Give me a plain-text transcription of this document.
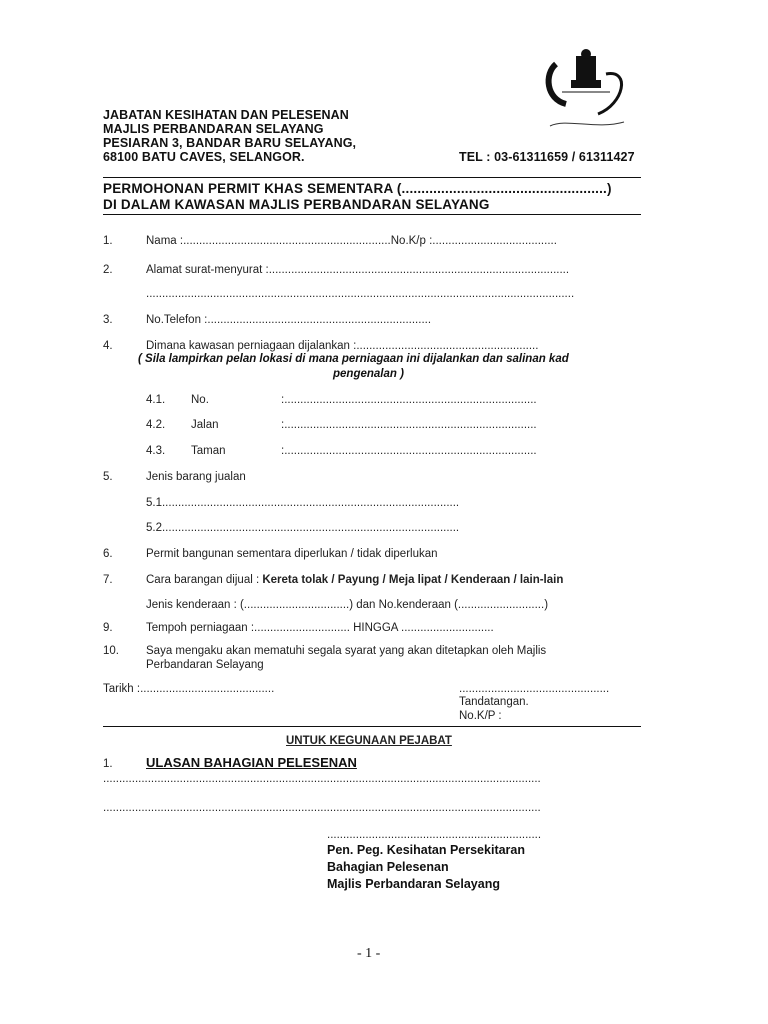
JABATAN KESIHATAN DAN PELESENAN
MAJLIS PERBANDARAN SELAYANG
PESIARAN 3, BANDAR BARU SELAYANG,
68100 BATU CAVES, SELANGOR.	TEL : 03-61311659 / 61311427
PERMOHONAN PERMIT KHAS SEMENTARA (....................................................)
DI DALAM KAWASAN MAJLIS PERBANDARAN SELAYANG
1.	Nama :.................................................................No.K/p :.......................................
2.	Alamat surat-menyurat :..............................................................................................
......................................................................................................................................
3.	No.Telefon :......................................................................
4.	Dimana kawasan perniagaan dijalankan :.........................................................
( Sila lampirkan pelan lokasi di mana perniagaan ini dijalankan dan salinan kad
pengenalan )
4.1. No.	:...............................................................................
4.2. Jalan	:...............................................................................
4.3. Taman	:...............................................................................
5.	Jenis barang jualan
5.1.............................................................................................
5.2.............................................................................................
6.	Permit bangunan sementara diperlukan / tidak diperlukan
7.	Cara barangan dijual : Kereta tolak / Payung / Meja lipat / Kenderaan / lain-lain
Jenis kenderaan : (.................................) dan No.kenderaan (...........................)
9.	Tempoh perniagaan :.............................. HINGGA .............................
10. Saya mengaku akan mematuhi segala syarat yang akan ditetapkan oleh Majlis
Perbandaran Selayang
Tarikh :..........................................	...............................................
Tandatangan.
No.K/P :
UNTUK KEGUNAAN PEJABAT
1.	ULASAN BAHAGIAN PELESENAN
.........................................................................................................................................
.........................................................................................................................................
...................................................................
Pen. Peg. Kesihatan Persekitaran
Bahagian Pelesenan
Majlis Perbandaran Selayang
- 1 -
